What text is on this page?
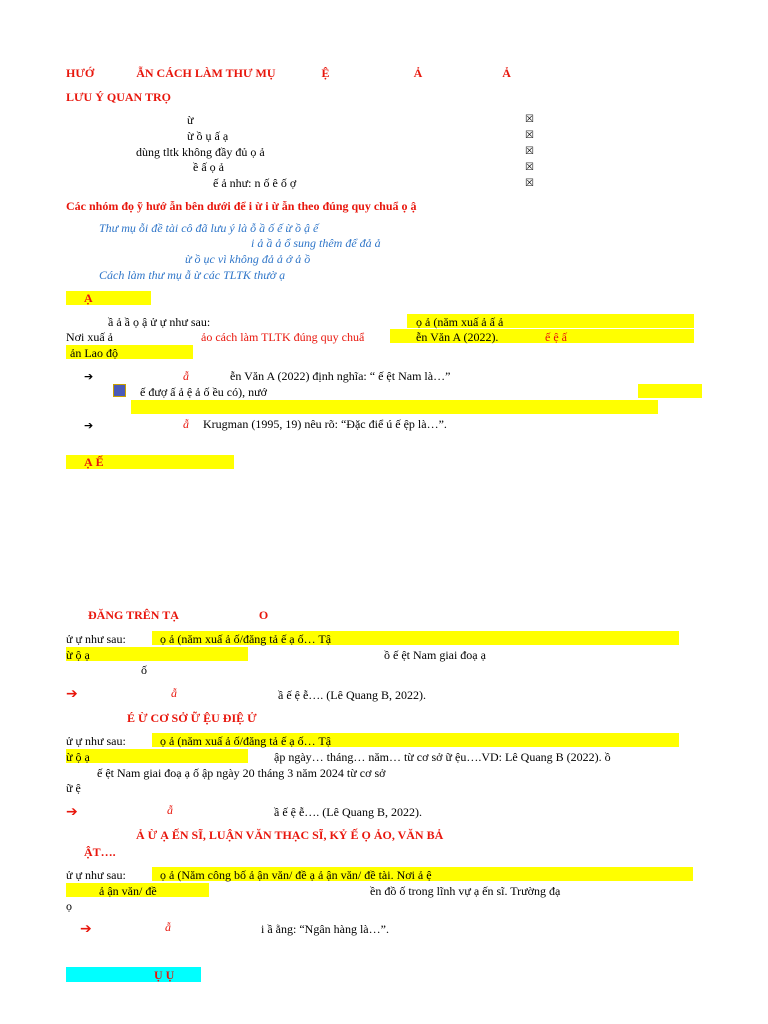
HƯỚ	ẪN CÁCH LÀM THƯ MỤ	Ệ	Ả	Ả
LƯU Ý QUAN TRỌ
ừ	☒
ừ ồ ụ ấ ạ	☒
dùng tltk không đầy đủ ọ ả	☒
ề ấ ọ ả	☒
ế ả như: n ố ê ố ợ	☒
Các nhóm đọ ỹ hướ ẫn bên dưới để i ừ i ừ ẫn theo đúng quy chuẩ ọ ậ
Thư mụ ỗi đề tài cô đã lưu ý là ỗ ầ ố ế ừ ồ ậ ế
i ả ầ ả ổ sung thêm để đả ả
ừ ồ ục vì không đả ả ớ ả ồ
Cách làm thư mụ ẫ ừ các TLTK thườ ạ
Ạ
ầ ả ầ ọ ậ ử ự như sau:	ọ ả (năm xuấ ả ấ ả
Nơi xuấ ả	ảo cách làm TLTK đúng quy chuẩ	ễn Văn A (2022).	ế ệ ấ
ản Lao độ
➔	ẫ	ễn Văn A (2022) định nghĩa: “ ế ệt Nam là…”
ế đượ ấ ả ệ ả ố ều có), nướ
➔	ẫ Krugman (1995, 19) nêu rõ: “Đặc điể ú ế ệp là…”.
Ạ Ế
ĐĂNG TRÊN TẠ	O
ử ự như sau:	ọ ả (năm xuấ ả ố/đăng tả ế ạ ố… Tậ
ừ ộ ạ	ồ ế ệt Nam giai đoạ ạ
ố
➔	ẫ	ầ ế ệ ễ…. (Lê Quang B, 2022).
É Ừ CƠ SỞ Ữ ỆU ĐIỆ Ử
ử ự như sau:	ọ ả (năm xuấ ả ố/đăng tả ế ạ ố… Tậ
ừ ộ ạ	ập ngày… tháng… năm… từ cơ sở ữ ệu….VD: Lê Quang B (2022). ồ
ế ệt Nam giai đoạ ạ ố ập ngày 20 tháng 3 năm 2024 từ cơ sở
ữ ệ
➔	ẫ	ầ ế ệ ễ…. (Lê Quang B, 2022).
Ả Ừ Ạ ẾN SĨ, LUẬN VĂN THẠC SĨ, KỶ Ế Ọ ẢO, VĂN BẢ
ẬT….
ử ự như sau:	ọ ả (Năm công bố ả ận văn/ đề ạ ả ận văn/ đề tài. Nơi ả ệ
ả ận văn/ đề	ền đồ ố trong lĩnh vự ạ ến sĩ. Trường đạ
ọ
➔	ẫ	i ầ ằng: “Ngân hàng là…”.
Ụ Ụ
